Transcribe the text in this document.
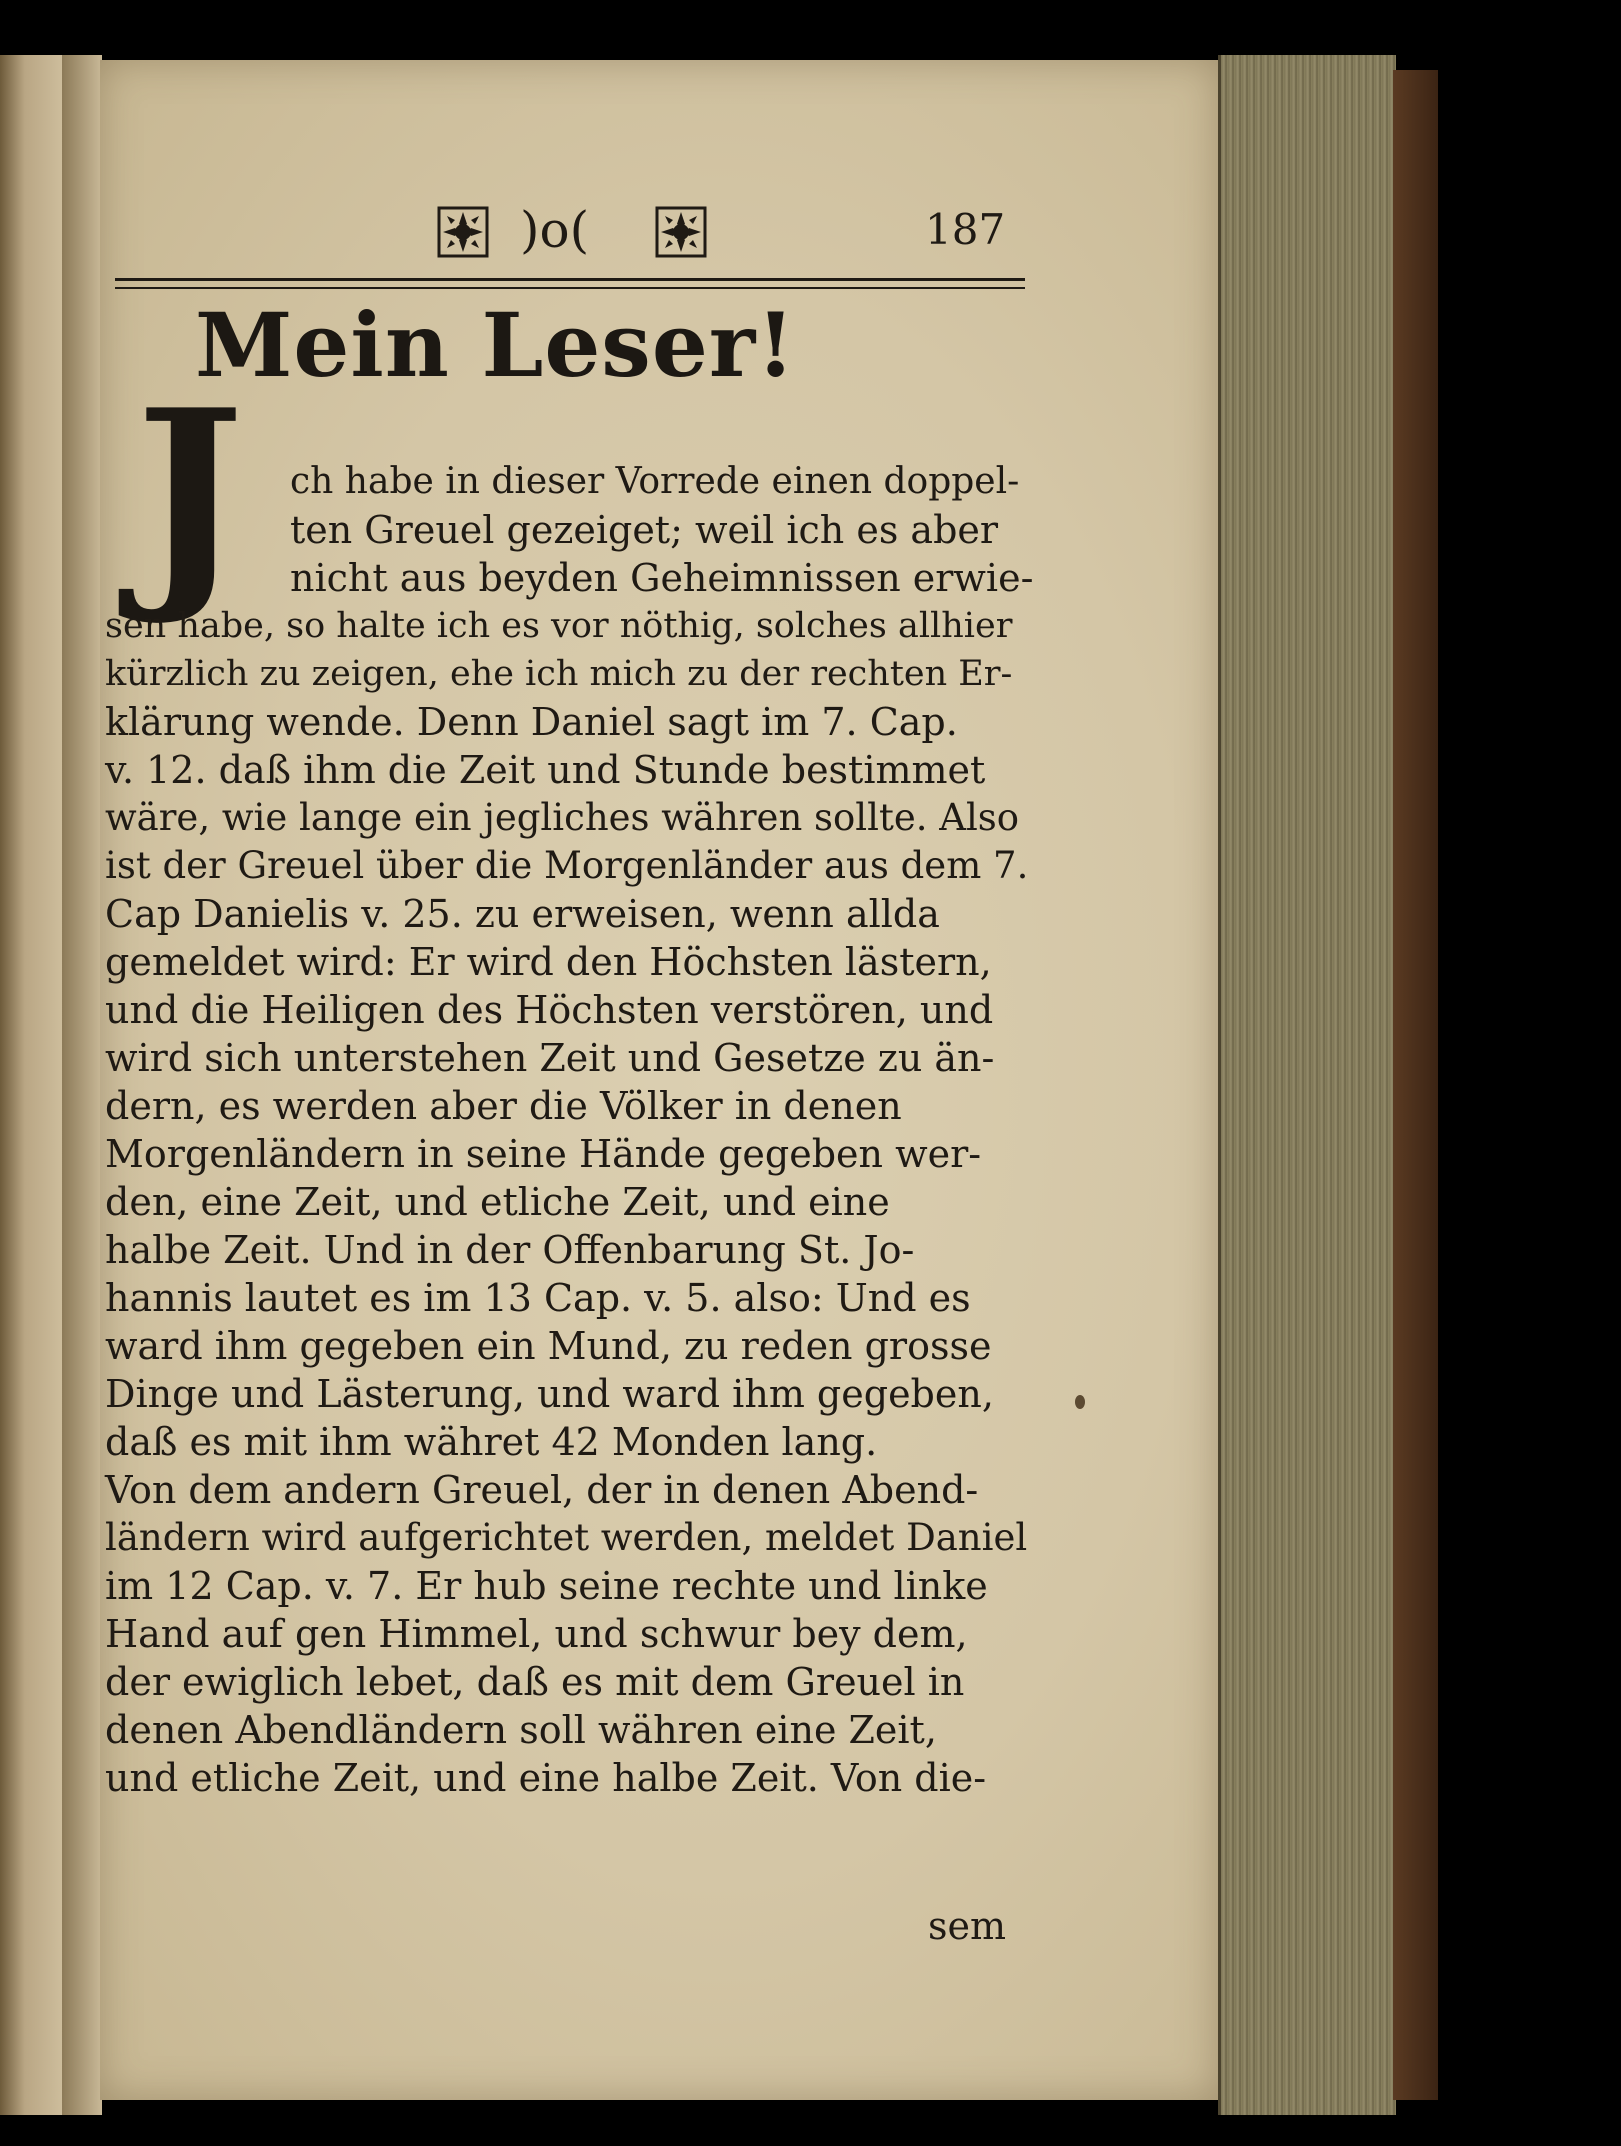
)o(	187
Mein Leser!
J	ch habe in dieser Vorrede einen doppel-
ten Greuel gezeiget; weil ich es aber
nicht aus beyden Geheimnissen erwie-
sen habe, so halte ich es vor nöthig, solches allhier
kürzlich zu zeigen, ehe ich mich zu der rechten Er-
klärung wende. Denn Daniel sagt im 7. Cap.
v. 12. daß ihm die Zeit und Stunde bestimmet
wäre, wie lange ein jegliches währen sollte. Also
ist der Greuel über die Morgenländer aus dem 7.
Cap Danielis v. 25. zu erweisen, wenn allda
gemeldet wird: Er wird den Höchsten lästern,
und die Heiligen des Höchsten verstören, und
wird sich unterstehen Zeit und Gesetze zu än-
dern, es werden aber die Völker in denen
Morgenländern in seine Hände gegeben wer-
den, eine Zeit, und etliche Zeit, und eine
halbe Zeit. Und in der Offenbarung St. Jo-
hannis lautet es im 13 Cap. v. 5. also: Und es
ward ihm gegeben ein Mund, zu reden grosse
Dinge und Lästerung, und ward ihm gegeben,
daß es mit ihm währet 42 Monden lang.
Von dem andern Greuel, der in denen Abend-
ländern wird aufgerichtet werden, meldet Daniel
im 12 Cap. v. 7. Er hub seine rechte und linke
Hand auf gen Himmel, und schwur bey dem,
der ewiglich lebet, daß es mit dem Greuel in
denen Abendländern soll währen eine Zeit,
und etliche Zeit, und eine halbe Zeit. Von die-
sem
